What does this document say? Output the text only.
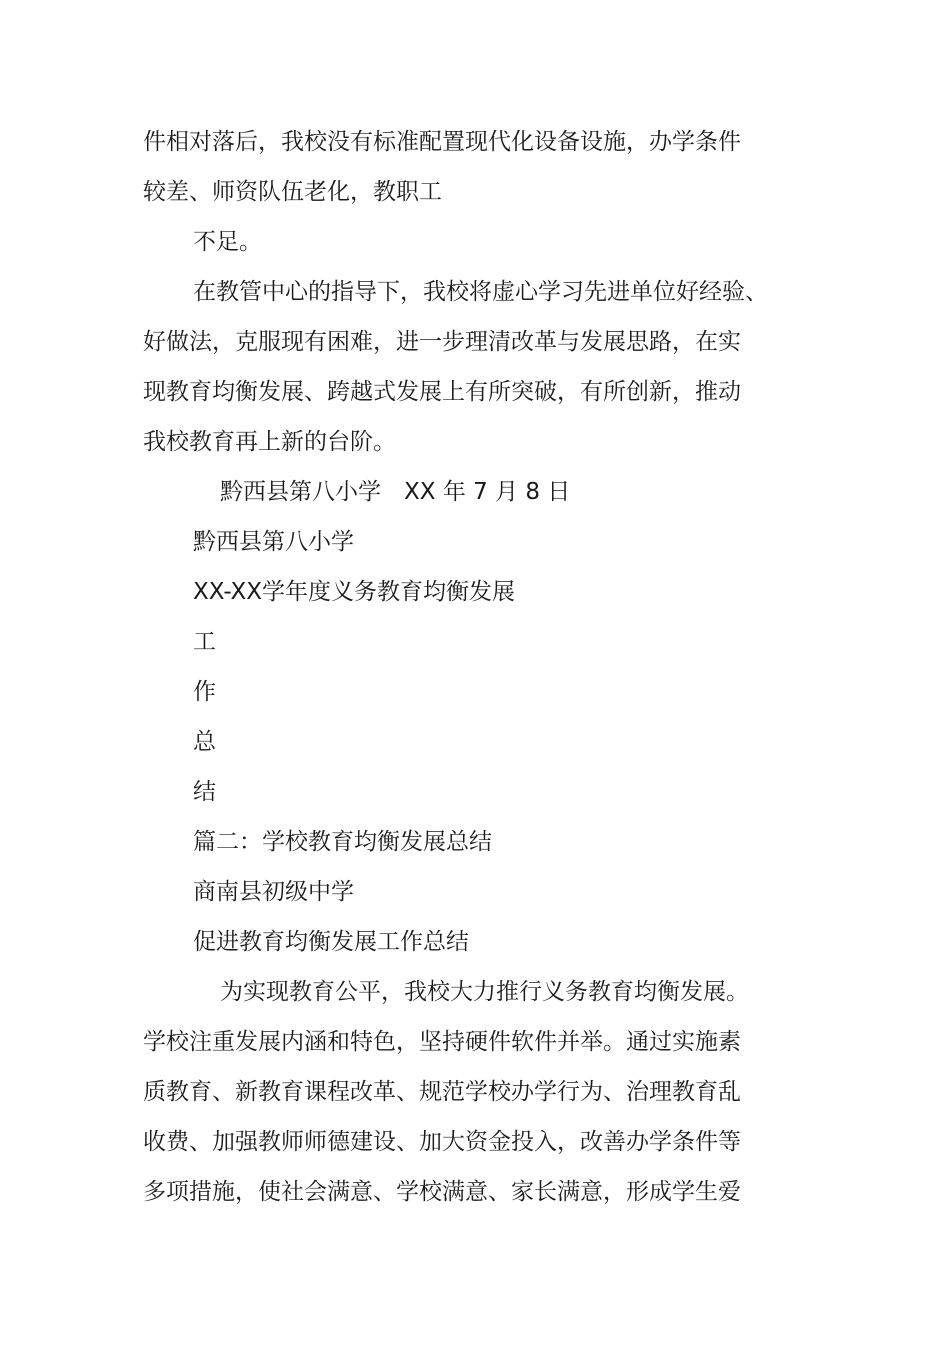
件相对落后，我校没有标准配置现代化设备设施，办学条件
较差、师资队伍老化，教职工
不足。
在教管中心的指导下，我校将虚心学习先进单位好经验、
好做法，克服现有困难，进一步理清改革与发展思路，在实
现教育均衡发展、跨越式发展上有所突破，有所创新，推动
我校教育再上新的台阶。
黔西县第八小学　XX 年 7 月 8 日
黔西县第八小学
XX-XX学年度义务教育均衡发展
工
作
总
结
篇二：学校教育均衡发展总结
商南县初级中学
促进教育均衡发展工作总结
为实现教育公平，我校大力推行义务教育均衡发展。
学校注重发展内涵和特色，坚持硬件软件并举。通过实施素
质教育、新教育课程改革、规范学校办学行为、治理教育乱
收费、加强教师师德建设、加大资金投入，改善办学条件等
多项措施，使社会满意、学校满意、家长满意，形成学生爱
